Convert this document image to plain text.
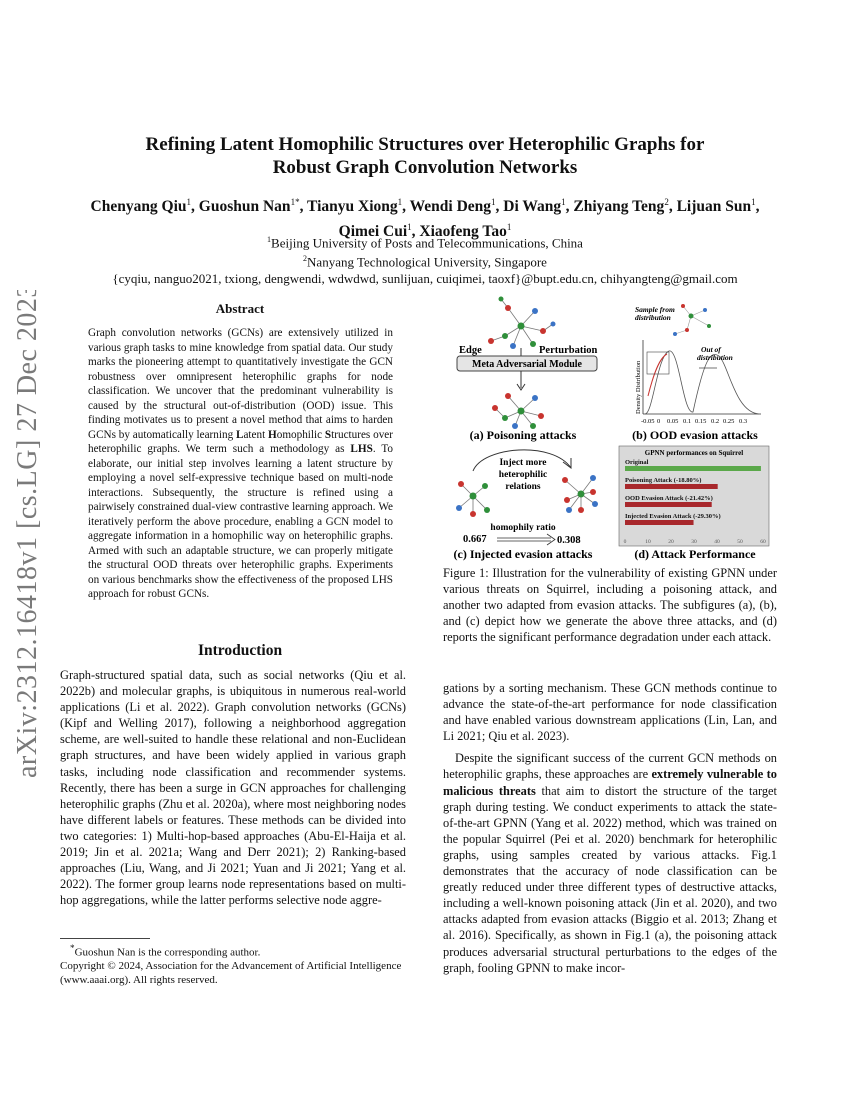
arXiv:2312.16418v1 [cs.LG] 27 Dec 2023
Refining Latent Homophilic Structures over Heterophilic Graphs for
Robust Graph Convolution Networks
Chenyang Qiu$^1$, Guoshun Nan$^{1*}$, Tianyu Xiong$^1$, Wendi Deng$^1$, Di Wang$^1$, Zhiyang Teng$^2$, Lijuan Sun$^1$, Qimei Cui$^1$, Xiaofeng Tao$^1$
$^1$Beijing University of Posts and Telecommunications, China
$^2$Nanyang Technological University, Singapore
{cyqiu, nanguo2021, txiong, dengwendi, wdwdwd, sunlijuan, cuiqimei, taoxf}@bupt.edu.cn, chihyangteng@gmail.com
Abstract
Graph convolution networks (GCNs) are extensively utilized in various graph tasks to mine knowledge from spatial data. Our study marks the pioneering attempt to quantitatively investigate the GCN robustness over omnipresent heterophilic graphs for node classification. We uncover that the predominant vulnerability is caused by the structural out-of-distribution (OOD) issue. This finding motivates us to present a novel method that aims to harden GCNs by automatically learning Latent Homophilic Structures over heterophilic graphs. We term such a methodology as LHS. To elaborate, our initial step involves learning a latent structure by employing a novel self-expressive technique based on multi-node interactions. Subsequently, the structure is refined using a pairwisely constrained dual-view contrastive learning approach. We iteratively perform the above procedure, enabling a GCN model to aggregate information in a homophilic way on heterophilic graphs. Armed with such an adaptable structure, we can properly mitigate the structural OOD threats over heterophilic graphs. Experiments on various benchmarks show the effectiveness of the proposed LHS approach for robust GCNs.
Introduction

Graph-structured spatial data, such as social networks (Qiu et al. 2022b) and molecular graphs, is ubiquitous in numerous real-world applications (Li et al. 2022). Graph convolution networks (GCNs) (Kipf and Welling 2017), following a neighborhood aggregation scheme, are well-suited to handle these relational and non-Euclidean graph structures, and have been widely applied in various graph tasks, including node classification and recommender systems. Recently, there has been a surge in GCN approaches for challenging heterophilic graphs (Zhu et al. 2020a), where most neighboring nodes have different labels or features. These methods can be divided into two categories: 1) Multi-hop-based approaches (Abu-El-Haija et al. 2019; Jin et al. 2021a; Wang and Derr 2021); 2) Ranking-based approaches (Liu, Wang, and Ji 2021; Yuan and Ji 2021; Yang et al. 2022). The former group learns node representations based on multi-hop aggregations, while the latter performs selective node aggre-

*Guoshun Nan is the corresponding author.
Copyright © 2024, Association for the Advancement of Artificial Intelligence (www.aaai.org). All rights reserved.
Edge	Perturbation
Meta Adversarial Module
(a) Poisoning attacks
Sample from
distribution
Out of
distribution
Density Distribution
-0.05 0 0.05 0.1 0.15 0.2 0.25 0.3
(b) OOD evasion attacks
Inject more
heterophilic
relations
homophily ratio
0.667	0.308
(c) Injected evasion attacks
GPNN performances on Squirrel
Original
Poisoning Attack (-18.80%)
OOD Evasion Attack (-21.42%)
Injected Evasion Attack (-29.30%)
0	10	20	30	40	50	60
(d) Attack Performance
Figure 1: Illustration for the vulnerability of existing GPNN under various threats on Squirrel, including a poisoning attack, and another two adapted from evasion attacks. The subfigures (a), (b), and (c) depict how we generate the above three attacks, and (d) reports the significant performance degradation under each attack.

gations by a sorting mechanism. These GCN methods continue to advance the state-of-the-art performance for node classification and have enabled various downstream applications (Lin, Lan, and Li 2021; Qiu et al. 2023).

Despite the significant success of the current GCN methods on heterophilic graphs, these approaches are extremely vulnerable to malicious threats that aim to distort the structure of the target graph during testing. We conduct experiments to attack the state-of-the-art GPNN (Yang et al. 2022) method, which was trained on the popular Squirrel (Pei et al. 2020) benchmark for heterophilic graphs, using samples created by various attacks. Fig.1 demonstrates that the accuracy of node classification can be greatly reduced under three different types of destructive attacks, including a well-known poisoning attack (Jin et al. 2020), and two attacks adapted from evasion attacks (Biggio et al. 2013; Zhang et al. 2016). Specifically, as shown in Fig.1 (a), the poisoning attack produces adversarial structural perturbations to the edges of the graph, fooling GPNN to make incor-
